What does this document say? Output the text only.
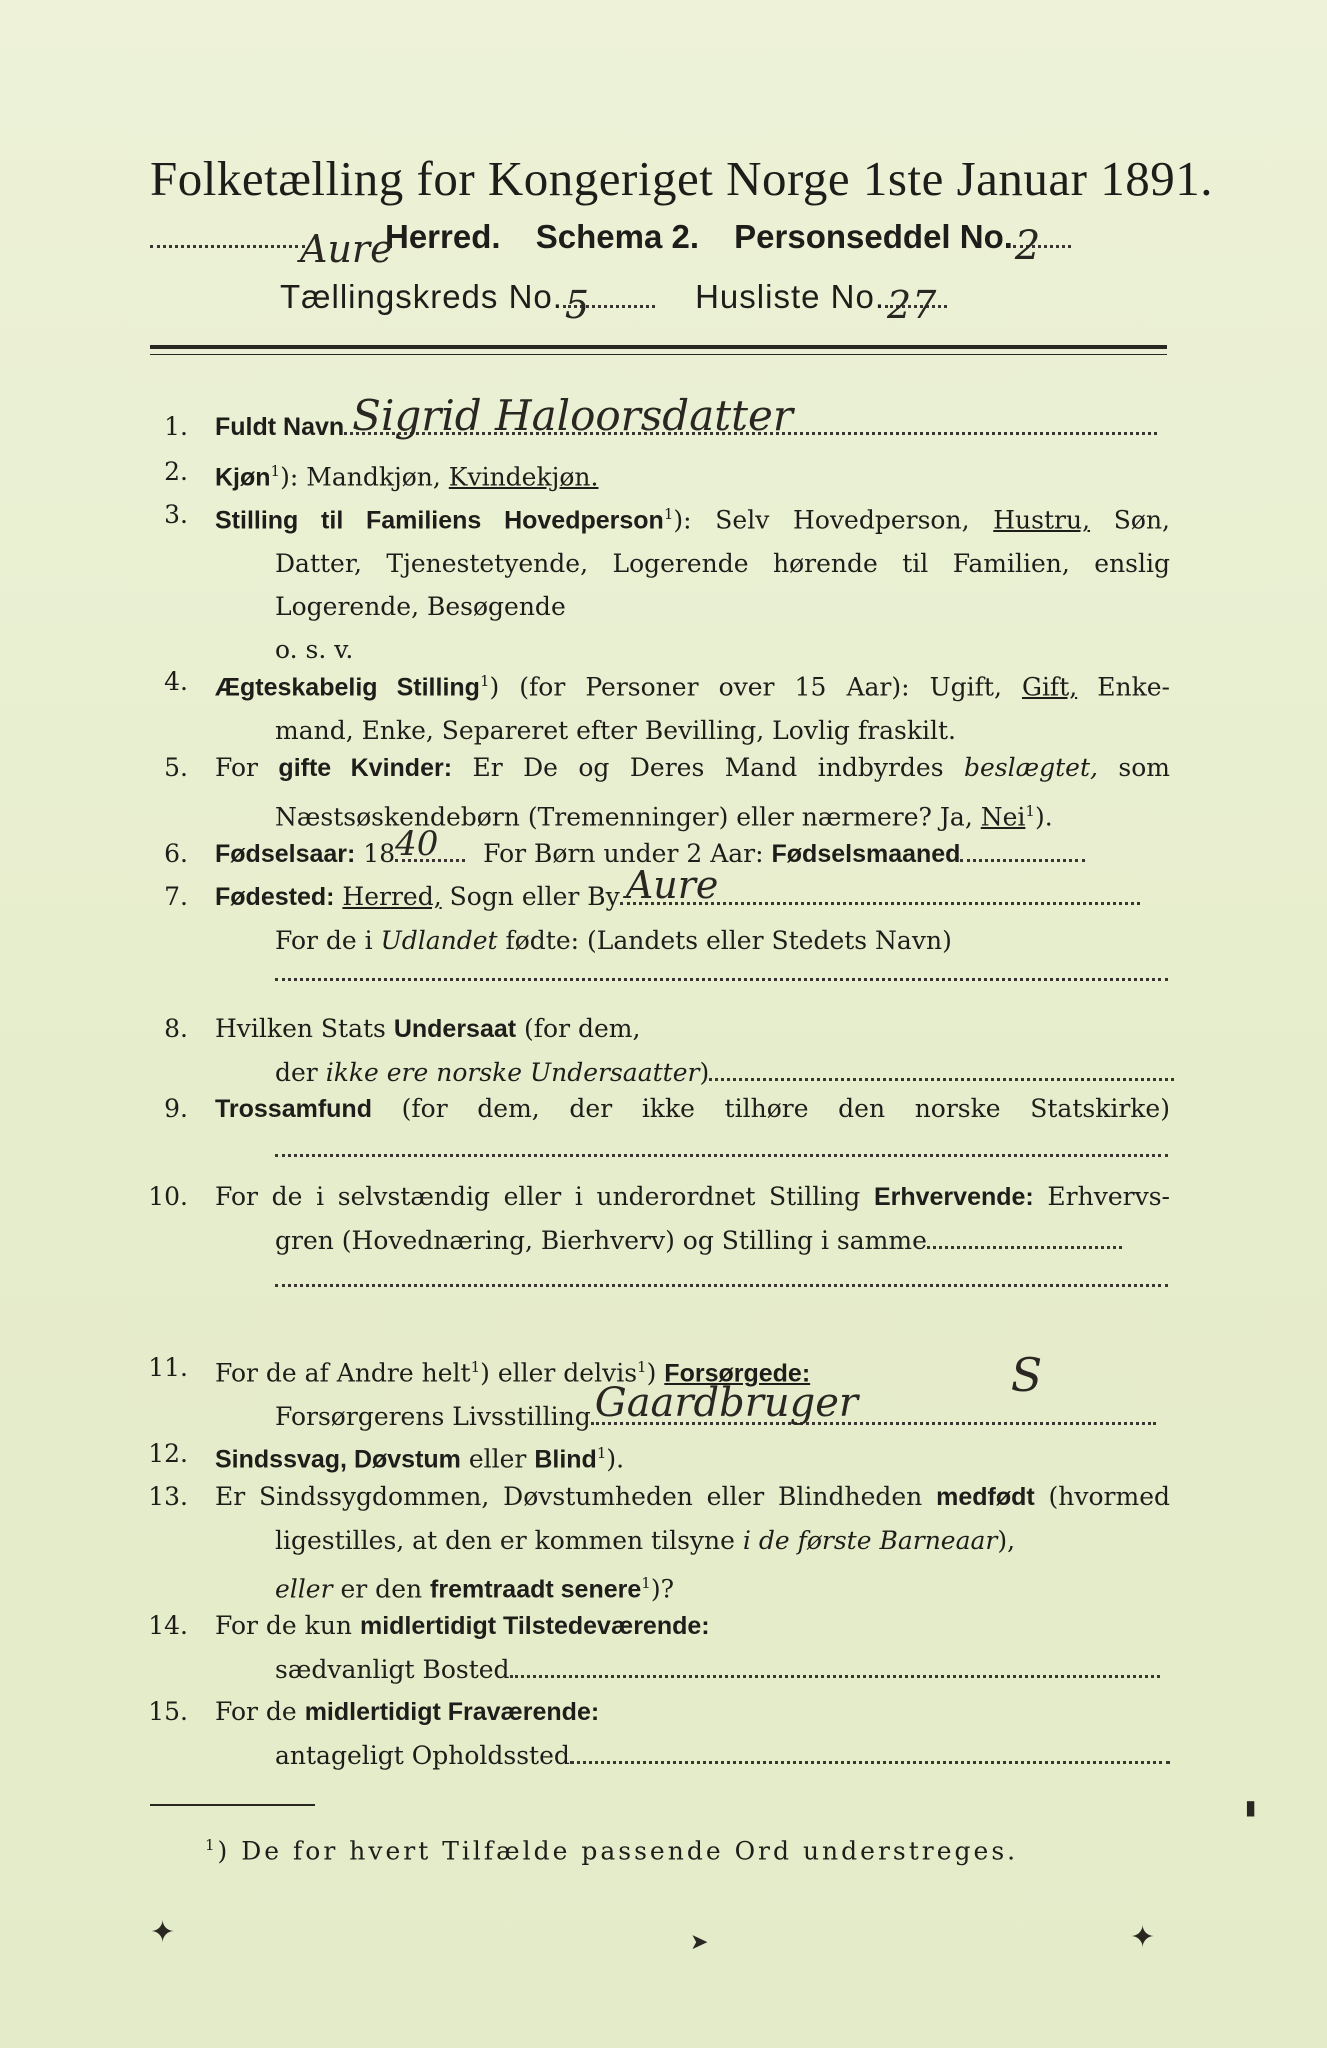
Folketælling for Kongeriget Norge 1ste Januar 1891.
Aure
Herred. Schema 2. Personseddel No. 2
Tællingskreds No. 5	Husliste No. 27
1. Fuldt Navn Sigrid Haloorsdatter
2. Kjøn$^1$): Mandkjøn, Kvindekjøn.
3. Stilling til Familiens Hovedperson$^1$): Selv Hovedperson, Hustru, Søn,
Datter, Tjenestetyende, Logerende hørende til Familien, enslig
Logerende, Besøgende
o. s. v.
4. Ægteskabelig Stilling$^1$) (for Personer over 15 Aar): Ugift, Gift, Enke-
mand, Enke, Separeret efter Bevilling, Lovlig fraskilt.
5. For gifte Kvinder: Er De og Deres Mand indbyrdes beslægtet, som
Næstsøskendebørn (Tremenninger) eller nærmere? Ja, Nei$^1$).
6. Fødselsaar: 18 40 For Børn under 2 Aar: Fødselsmaaned
7. Fødested: Herred, Sogn eller By Aure
For de i Udlandet fødte: (Landets eller Stedets Navn)
8. Hvilken Stats Undersaat (for dem,
der ikke ere norske Undersaatter)
9. Trossamfund (for dem, der ikke tilhøre den norske Statskirke)
10. For de i selvstændig eller i underordnet Stilling Erhvervende: Erhvervs-
gren (Hovednæring, Bierhverv) og Stilling i samme
11. For de af Andre helt$^1$) eller delvis$^1$) Forsørgede:
Forsørgerens Livsstilling Gaardbruger
S
12. Sindssvag, Døvstum eller Blind$^1$).
13. Er Sindssygdommen, Døvstumheden eller Blindheden medfødt (hvormed
ligestilles, at den er kommen tilsyne i de første Barneaar),
eller er den fremtraadt senere$^1$)?
14. For de kun midlertidigt Tilstedeværende:
sædvanligt Bosted
15. For de midlertidigt Fraværende:
antageligt Opholdssted
$^1$) De for hvert Tilfælde passende Ord understreges.
✦	➤	✦
▮
